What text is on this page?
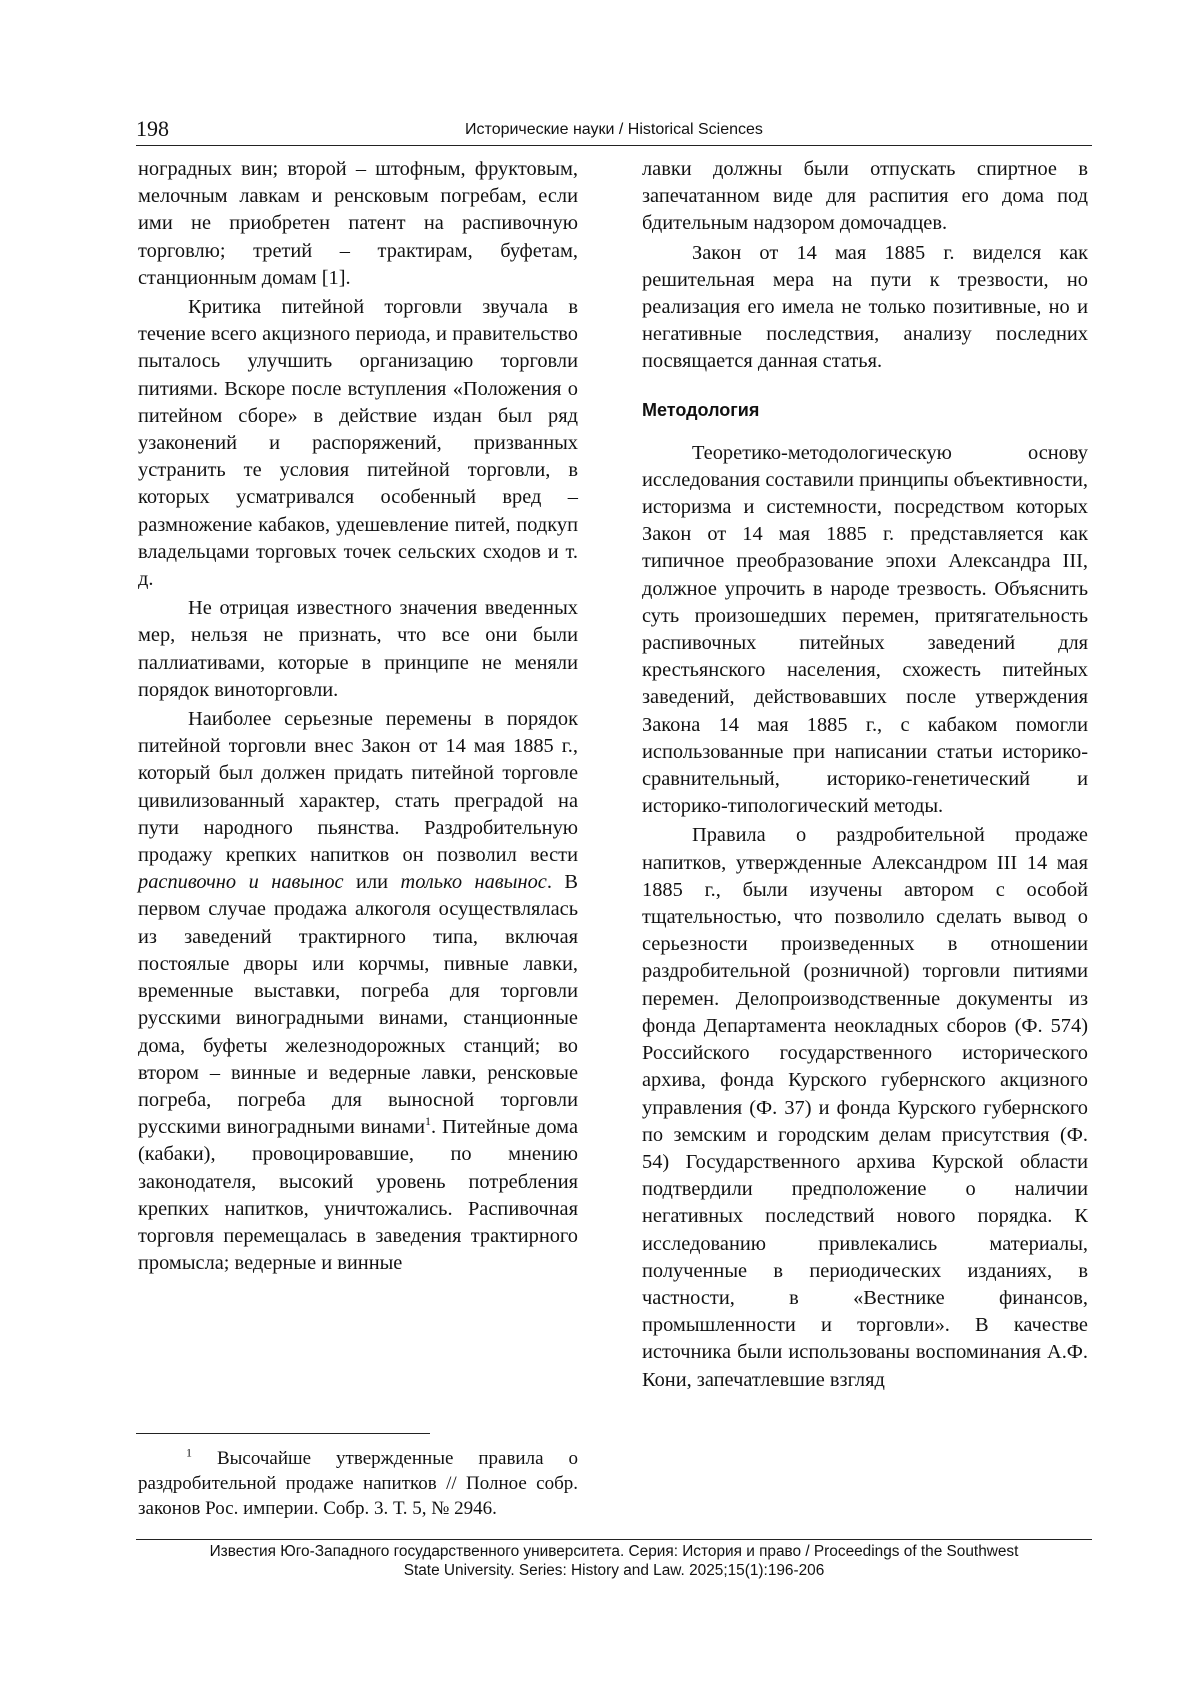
198	Исторические науки / Historical Sciences

ноградных вин; второй – штофным, фруктовым, мелочным лавкам и ренсковым погребам, если ими не приобретен патент на распивочную торговлю; третий – трактирам, буфетам, станционным домам [1].

Критика питейной торговли звучала в течение всего акцизного периода, и правительство пыталось улучшить организацию торговли питиями. Вскоре после вступления «Положения о питейном сборе» в действие издан был ряд узаконений и распоряжений, призванных устранить те условия питейной торговли, в которых усматривался особенный вред – размножение кабаков, удешевление питей, подкуп владельцами торговых точек сельских сходов и т. д.

Не отрицая известного значения введенных мер, нельзя не признать, что все они были паллиативами, которые в принципе не меняли порядок виноторговли.

Наиболее серьезные перемены в порядок питейной торговли внес Закон от 14 мая 1885 г., который был должен придать питейной торговле цивилизованный характер, стать преградой на пути народного пьянства. Раздробительную продажу крепких напитков он позволил вести распивочно и навынос или только навынос. В первом случае продажа алкоголя осуществлялась из заведений трактирного типа, включая постоялые дворы или корчмы, пивные лавки, временные выставки, погреба для торговли русскими виноградными винами, станционные дома, буфеты железнодорожных станций; во втором – винные и ведерные лавки, ренсковые погреба, погреба для выносной торговли русскими виноградными винами$^1$. Питейные дома (кабаки), провоцировавшие, по мнению законодателя, высокий уровень потребления крепких напитков, уничтожались. Распивочная торговля перемещалась в заведения трактирного промысла; ведерные и винные

лавки должны были отпускать спиртное в запечатанном виде для распития его дома под бдительным надзором домочадцев.

Закон от 14 мая 1885 г. виделся как решительная мера на пути к трезвости, но реализация его имела не только позитивные, но и негативные последствия, анализу последних посвящается данная статья.

Методология

Теоретико-методологическую основу исследования составили принципы объективности, историзма и системности, посредством которых Закон от 14 мая 1885 г. представляется как типичное преобразование эпохи Александра III, должное упрочить в народе трезвость. Объяснить суть произошедших перемен, притягательность распивочных питейных заведений для крестьянского населения, схожесть питейных заведений, действовавших после утверждения Закона 14 мая 1885 г., с кабаком помогли использованные при написании статьи историко-сравнительный, историко-генетический и историко-типологический методы.

Правила о раздробительной продаже напитков, утвержденные Александром III 14 мая 1885 г., были изучены автором с особой тщательностью, что позволило сделать вывод о серьезности произведенных в отношении раздробительной (розничной) торговли питиями перемен. Делопроизводственные документы из фонда Департамента неокладных сборов (Ф. 574) Российского государственного исторического архива, фонда Курского губернского акцизного управления (Ф. 37) и фонда Курского губернского по земским и городским делам присутствия (Ф. 54) Государственного архива Курской области подтвердили предположение о наличии негативных последствий нового порядка. К исследованию привлекались материалы, полученные в периодических изданиях, в частности, в «Вестнике финансов, промышленности и торговли». В качестве источника были использованы воспоминания А.Ф. Кони, запечатлевшие взгляд

$^1$ Высочайше утвержденные правила о раздробительной продаже напитков // Полное собр. законов Рос. империи. Собр. 3. Т. 5, № 2946.
Известия Юго-Западного государственного университета. Серия: История и право / Proceedings of the Southwest
State University. Series: History and Law. 2025;15(1):196-206
